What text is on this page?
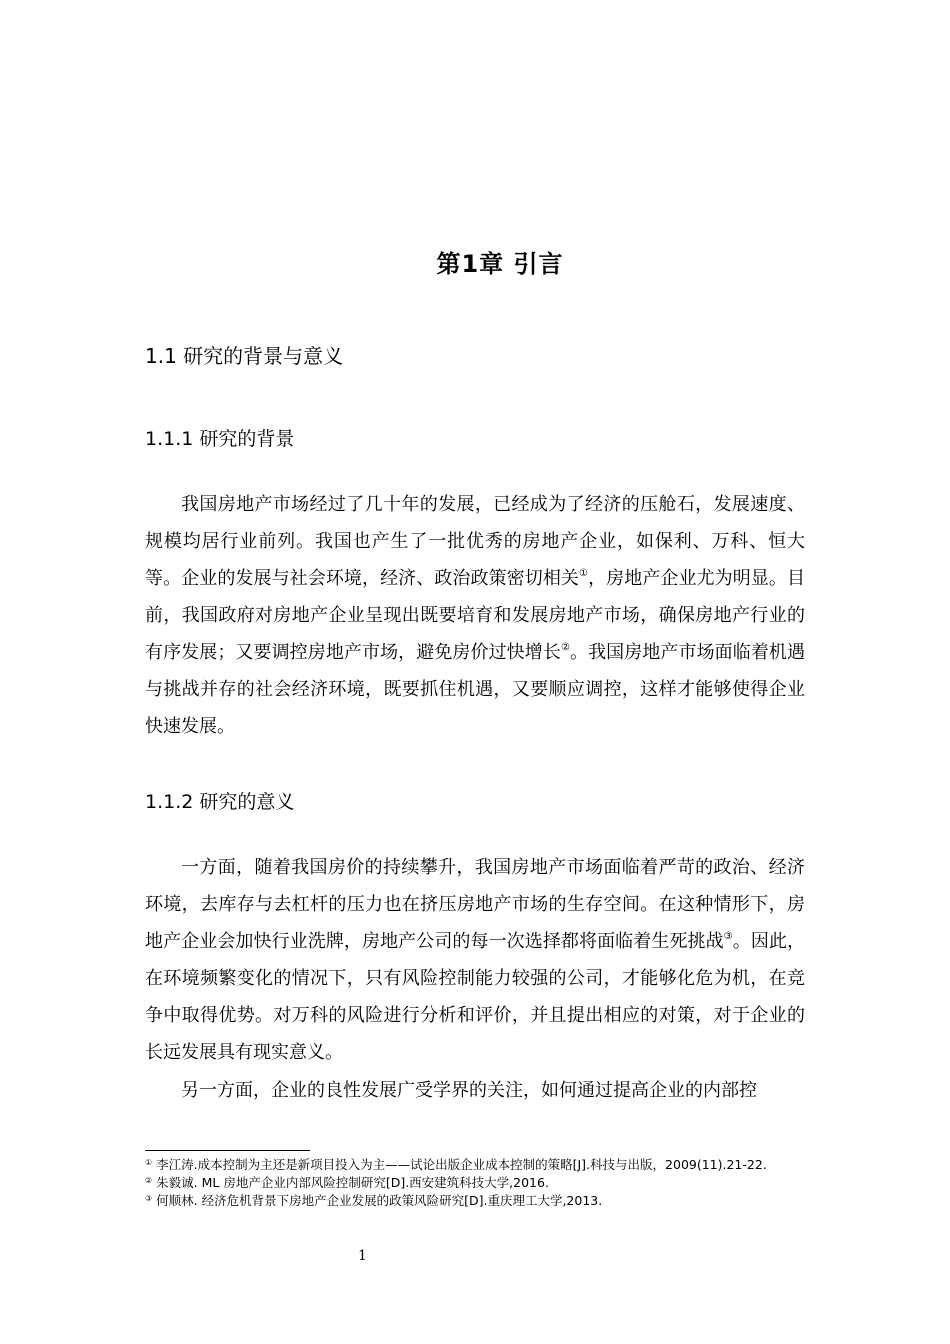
第1章 引言
1.1 研究的背景与意义
1.1.1 研究的背景

我国房地产市场经过了几十年的发展，已经成为了经济的压舱石，发展速度、规模均居行业前列。我国也产生了一批优秀的房地产企业，如保利、万科、恒大等。企业的发展与社会环境，经济、政治政策密切相关①，房地产企业尤为明显。目前，我国政府对房地产企业呈现出既要培育和发展房地产市场，确保房地产行业的有序发展；又要调控房地产市场，避免房价过快增长②。我国房地产市场面临着机遇与挑战并存的社会经济环境，既要抓住机遇，又要顺应调控，这样才能够使得企业快速发展。

1.1.2 研究的意义

一方面，随着我国房价的持续攀升，我国房地产市场面临着严苛的政治、经济环境，去库存与去杠杆的压力也在挤压房地产市场的生存空间。在这种情形下，房地产企业会加快行业洗牌，房地产公司的每一次选择都将面临着生死挑战③。因此，在环境频繁变化的情况下，只有风险控制能力较强的公司，才能够化危为机，在竞争中取得优势。对万科的风险进行分析和评价，并且提出相应的对策，对于企业的长远发展具有现实意义。

另一方面，企业的良性发展广受学界的关注，如何通过提高企业的内部控

① 李江涛.成本控制为主还是新项目投入为主——试论出版企业成本控制的策略[J].科技与出版，2009(11).21-22.
② 朱毅诚. ML 房地产企业内部风险控制研究[D].西安建筑科技大学,2016.
③ 何顺林. 经济危机背景下房地产企业发展的政策风险研究[D].重庆理工大学,2013.
1
